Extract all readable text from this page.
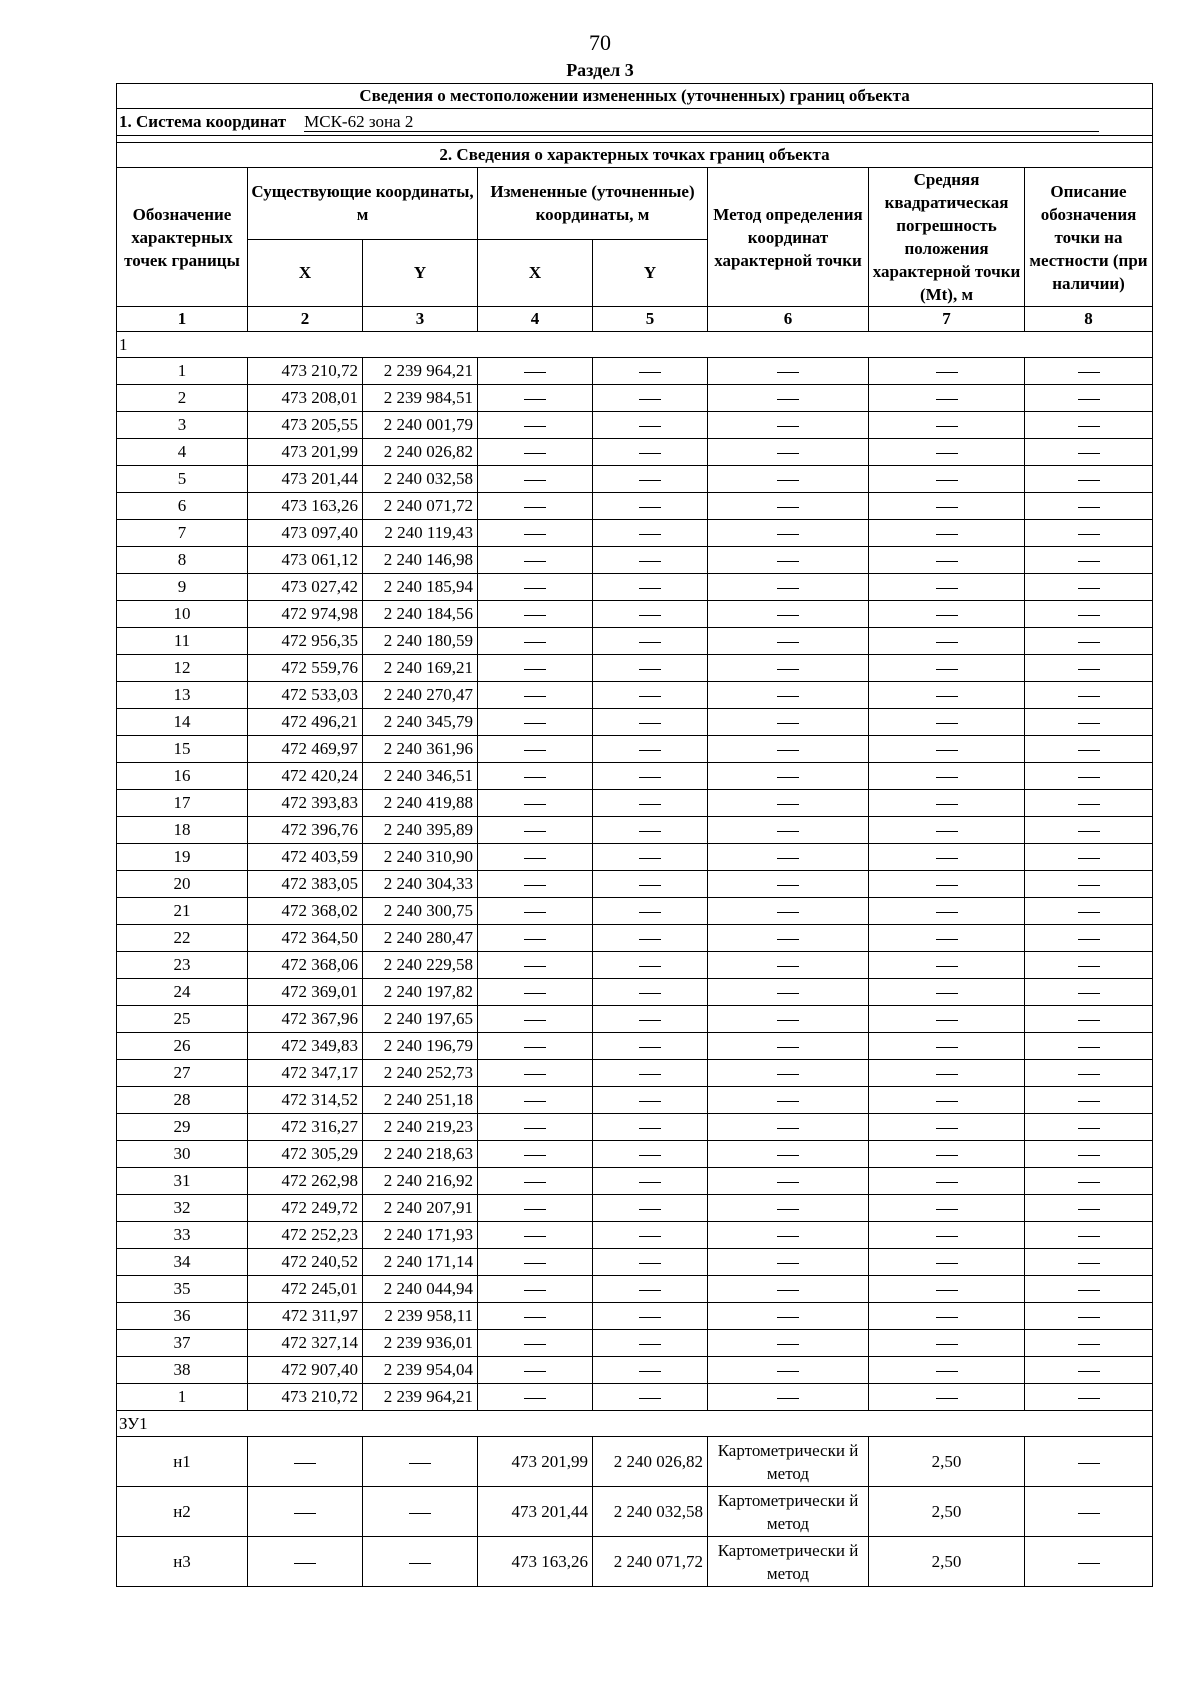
70
Раздел 3
Сведения о местоположении измененных (уточненных) границ объекта							
1. Система координат МСК-62 зона 2							

2. Сведения о характерных точках границ объекта							
Обозначение характерных точек границы	Существующие координаты, м		Измененные (уточненные) координаты, м		Метод определения координат характерной точки	Средняя квадратическая погрешность положения характерной точки (Mt), м	Описание обозначения точки на местности (при наличии)
	X	Y	X	Y			
1	2	3	4	5	6	7	8
1							
1	473 210,72	2 239 964,21					
2	473 208,01	2 239 984,51					
3	473 205,55	2 240 001,79					
4	473 201,99	2 240 026,82					
5	473 201,44	2 240 032,58					
6	473 163,26	2 240 071,72					
7	473 097,40	2 240 119,43					
8	473 061,12	2 240 146,98					
9	473 027,42	2 240 185,94					
10	472 974,98	2 240 184,56					
11	472 956,35	2 240 180,59					
12	472 559,76	2 240 169,21					
13	472 533,03	2 240 270,47					
14	472 496,21	2 240 345,79					
15	472 469,97	2 240 361,96					
16	472 420,24	2 240 346,51					
17	472 393,83	2 240 419,88					
18	472 396,76	2 240 395,89					
19	472 403,59	2 240 310,90					
20	472 383,05	2 240 304,33					
21	472 368,02	2 240 300,75					
22	472 364,50	2 240 280,47					
23	472 368,06	2 240 229,58					
24	472 369,01	2 240 197,82					
25	472 367,96	2 240 197,65					
26	472 349,83	2 240 196,79					
27	472 347,17	2 240 252,73					
28	472 314,52	2 240 251,18					
29	472 316,27	2 240 219,23					
30	472 305,29	2 240 218,63					
31	472 262,98	2 240 216,92					
32	472 249,72	2 240 207,91					
33	472 252,23	2 240 171,93					
34	472 240,52	2 240 171,14					
35	472 245,01	2 240 044,94					
36	472 311,97	2 239 958,11					
37	472 327,14	2 239 936,01					
38	472 907,40	2 239 954,04					
1	473 210,72	2 239 964,21					
ЗУ1							
н1			473 201,99	2 240 026,82	Картометрически й метод	2,50	
н2			473 201,44	2 240 032,58	Картометрически й метод	2,50	
н3			473 163,26	2 240 071,72	Картометрически й метод	2,50	
